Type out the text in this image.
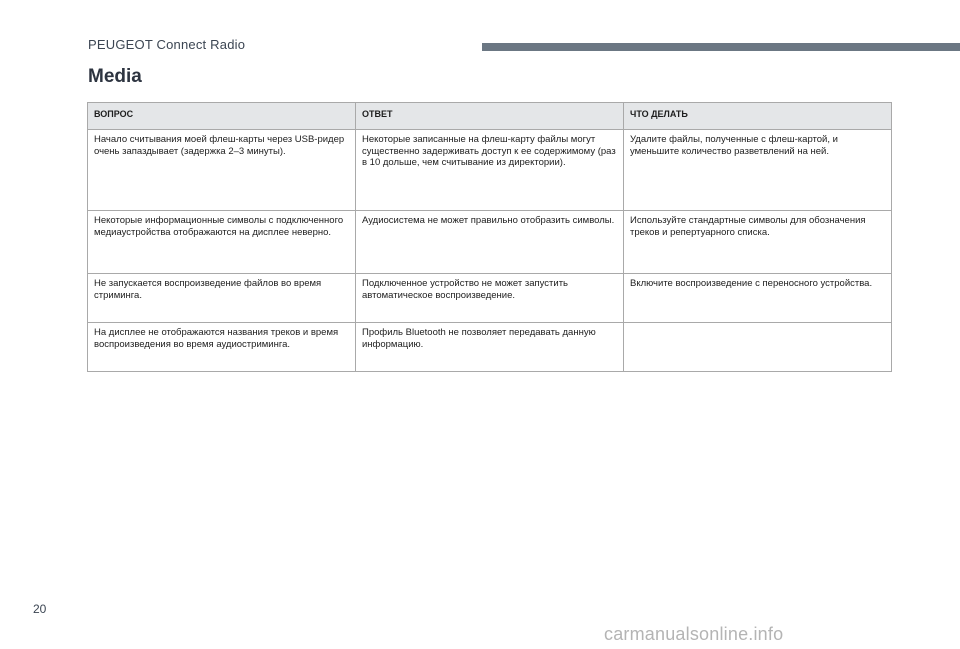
PEUGEOT Connect Radio
Media
ВОПРОС	ОТВЕТ	ЧТО ДЕЛАТЬ
Начало считывания моей флеш-карты через USB-ридер очень запаздывает (задержка 2–3 минуты).	Некоторые записанные на флеш-карту файлы могут существенно задерживать доступ к ее содержимому (раз в 10 дольше, чем считывание из директории).	Удалите файлы, полученные с флеш-картой, и уменьшите количество разветвлений на ней.
Некоторые информационные символы с подключенного медиаустройства отображаются на дисплее неверно.	Аудиосистема не может правильно отобразить символы.	Используйте стандартные символы для обозначения треков и репертуарного списка.
Не запускается воспроизведение файлов во время стриминга.	Подключенное устройство не может запустить автоматическое воспроизведение.	Включите воспроизведение с переносного устройства.
На дисплее не отображаются названия треков и время воспроизведения во время аудиостриминга.	Профиль Bluetooth не позволяет передавать данную информацию.	
20
carmanualsonline.info
